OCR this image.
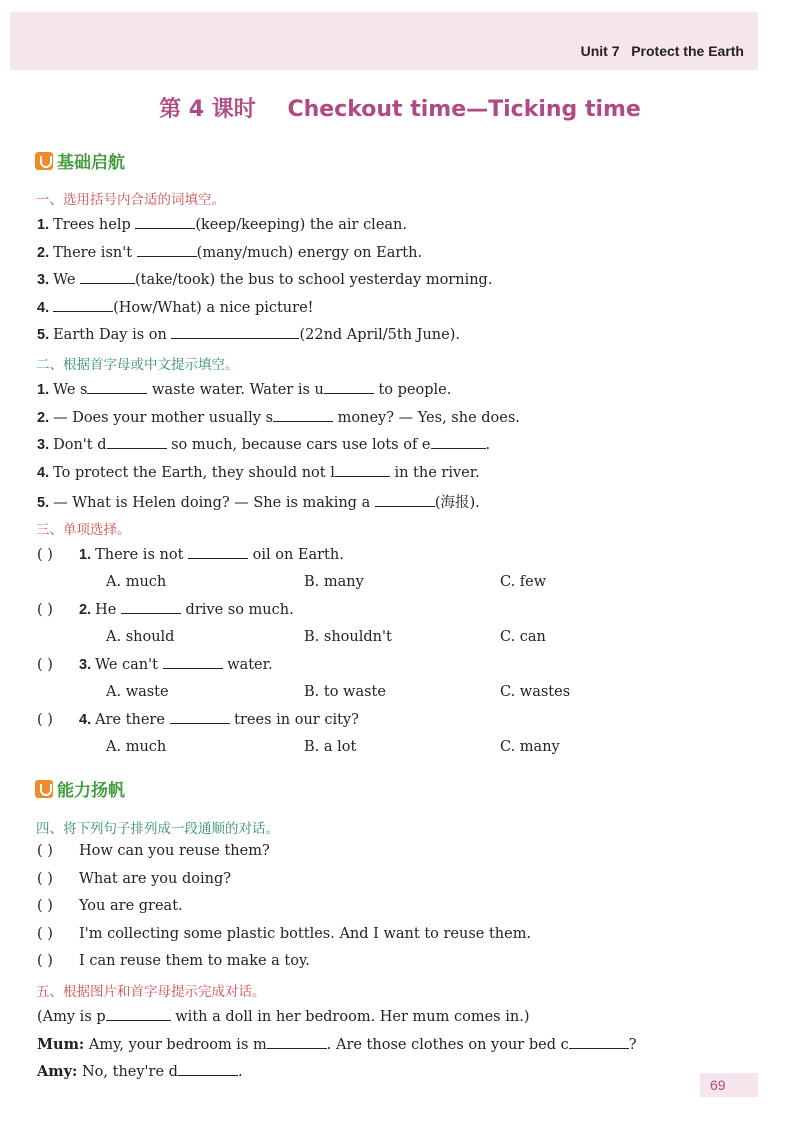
Unit 7 Protect the Earth
第 4 课时 Checkout time—Ticking time
基础启航
一、选用括号内合适的词填空。
1. Trees help	(keep/keeping) the air clean.
2. There isn't	(many/much) energy on Earth.
3. We	(take/took) the bus to school yesterday morning.
4.	(How/What) a nice picture!
5. Earth Day is on	(22nd April/5th June).
二、根据首字母或中文提示填空。
1. We s	waste water. Water is u	to people.
2. — Does your mother usually s	money? — Yes, she does.
3. Don't d	so much, because cars use lots of e	.
4. To protect the Earth, they should not l	in the river.
5. — What is Helen doing? — She is making a	(海报).
三、单项选择。
( ) 1. There is not	oil on Earth.
A. much	B. many	C. few
( ) 2. He	drive so much.
A. should	B. shouldn't	C. can
( ) 3. We can't	water.
A. waste	B. to waste	C. wastes
( ) 4. Are there	trees in our city?
A. much	B. a lot	C. many
能力扬帆
四、将下列句子排列成一段通顺的对话。
( ) How can you reuse them?
( ) What are you doing?
( ) You are great.
( ) I'm collecting some plastic bottles. And I want to reuse them.
( ) I can reuse them to make a toy.
五、根据图片和首字母提示完成对话。
(Amy is p	with a doll in her bedroom. Her mum comes in.)
Mum: Amy, your bedroom is m	. Are those clothes on your bed c	?
Amy: No, they're d	.
69
